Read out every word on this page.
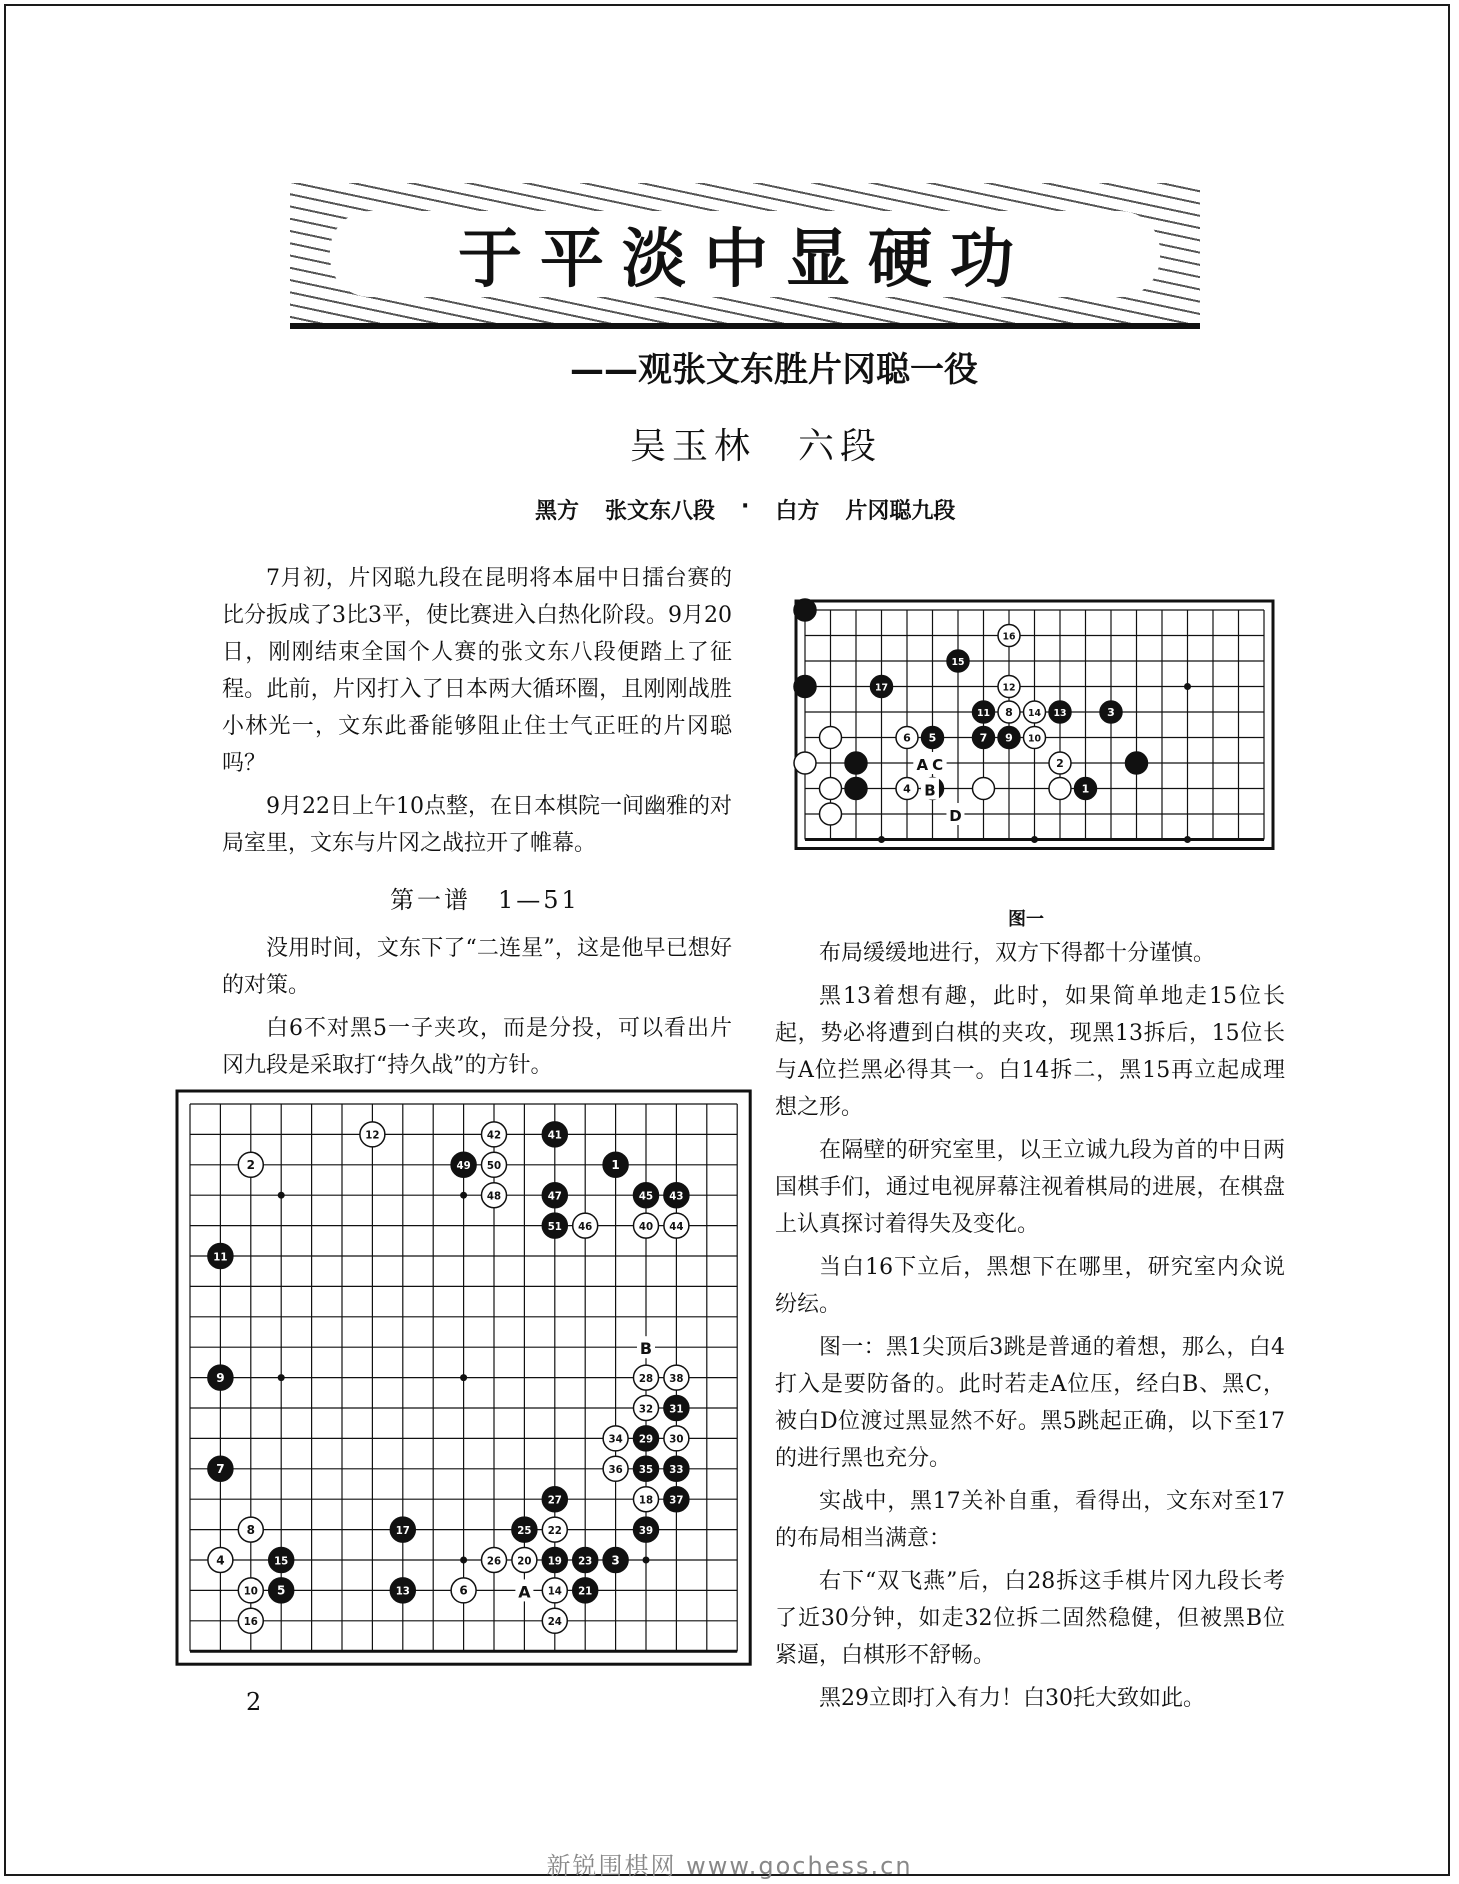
于平淡中显硬功
——观张文东胜片冈聪一役
吴玉林　六段
黑方 张文东八段 · 白方 片冈聪九段

7月初，片冈聪九段在昆明将本届中日擂台赛的比分扳成了3比3平，使比赛进入白热化阶段。9月20日，刚刚结束全国个人赛的张文东八段便踏上了征程。此前，片冈打入了日本两大循环圈，且刚刚战胜小林光一，文东此番能够阻止住士气正旺的片冈聪吗？

9月22日上午10点整，在日本棋院一间幽雅的对局室里，文东与片冈之战拉开了帷幕。

第一谱　1—51

没用时间，文东下了“二连星”，这是他早已想好的对策。

白6不对黑5一子夹攻，而是分投，可以看出片冈九段是采取打“持久战”的方针。

1
2
3
4
5
6	7
8
9 10
11
12
13
14
15
16
17
A C
B
D
图一

布局缓缓地进行，双方下得都十分谨慎。

黑13着想有趣，此时，如果简单地走15位长起，势必将遭到白棋的夹攻，现黑13拆后，15位长与A位拦黑必得其一。白14拆二，黑15再立起成理想之形。

在隔壁的研究室里，以王立诚九段为首的中日两国棋手们，通过电视屏幕注视着棋局的进展，在棋盘上认真探讨着得失及变化。

当白16下立后，黑想下在哪里，研究室内众说纷纭。

图一：黑1尖顶后3跳是普通的着想，那么，白4打入是要防备的。此时若走A位压，经白B、黑C，被白D位渡过黑显然不好。黑5跳起正确，以下至17的进行黑也充分。

实战中，黑17关补自重，看得出，文东对至17的布局相当满意：

右下“双飞燕”后，白28拆这手棋片冈九段长考了近30分钟，如走32位拆二固然稳健，但被黑B位紧逼，白棋形不舒畅。

黑29立即打入有力！白30托大致如此。

1
2
3
4
5	6
7
8
9
10
11
12
13	14
15
16
17
18
19
20
21
22
23
24
25
26
27
28
29 30
31
32
33
34
35
36
37
38
39
40
41
42
43
44
45
46
47
48
49 50
51
A
B
2
新锐围棋网 www.gochess.cn
